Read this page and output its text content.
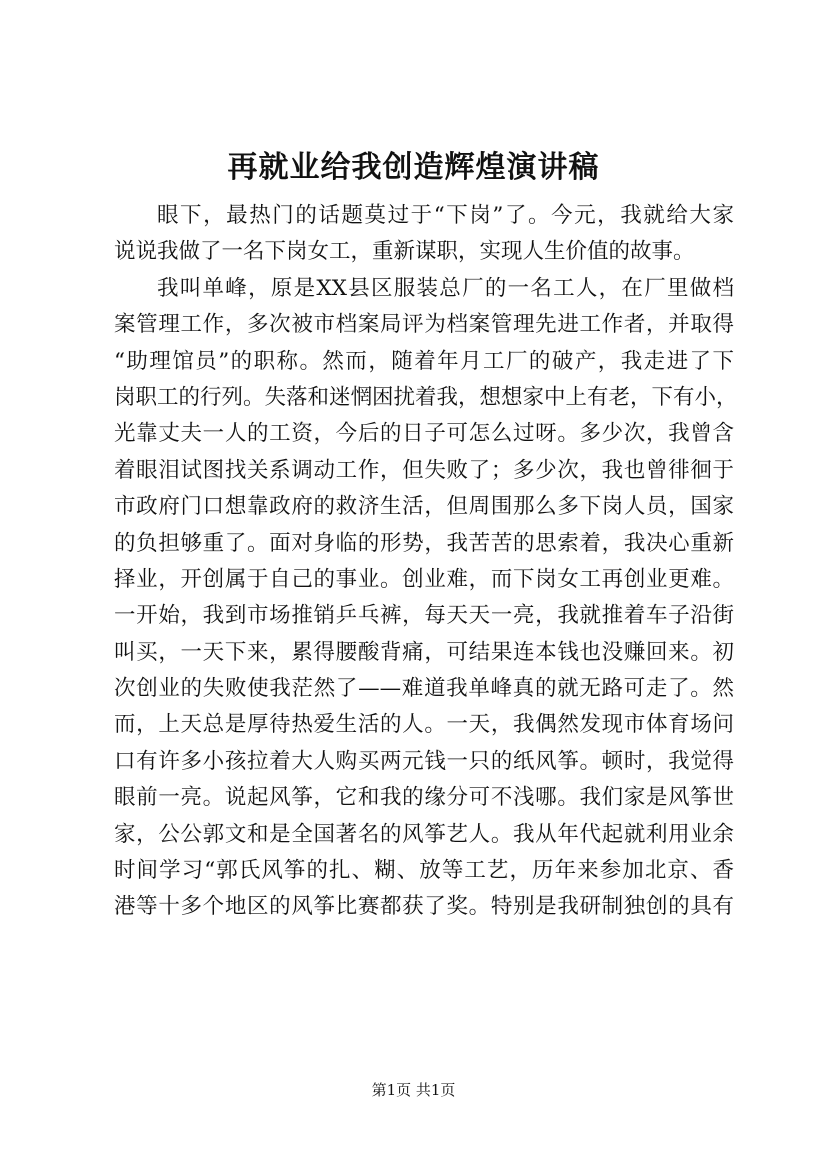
再就业给我创造辉煌演讲稿
眼下，最热门的话题莫过于“下岗”了。今元，我就给大家
说说我做了一名下岗女工，重新谋职，实现人生价值的故事。
我叫单峰，原是XX县区服装总厂的一名工人，在厂里做档
案管理工作，多次被市档案局评为档案管理先进工作者，并取得
“助理馆员”的职称。然而，随着年月工厂的破产，我走进了下
岗职工的行列。失落和迷惘困扰着我，想想家中上有老，下有小，
光靠丈夫一人的工资，今后的日子可怎么过呀。多少次，我曾含
着眼泪试图找关系调动工作，但失败了；多少次，我也曾徘徊于
市政府门口想靠政府的救济生活，但周围那么多下岗人员，国家
的负担够重了。面对身临的形势，我苦苦的思索着，我决心重新
择业，开创属于自己的事业。创业难，而下岗女工再创业更难。
一开始，我到市场推销乒乓裤，每天天一亮，我就推着车子沿街
叫买，一天下来，累得腰酸背痛，可结果连本钱也没赚回来。初
次创业的失败使我茫然了——难道我单峰真的就无路可走了。然
而，上天总是厚待热爱生活的人。一天，我偶然发现市体育场问
口有许多小孩拉着大人购买两元钱一只的纸风筝。顿时，我觉得
眼前一亮。说起风筝，它和我的缘分可不浅哪。我们家是风筝世
家，公公郭文和是全国著名的风筝艺人。我从年代起就利用业余
时间学习“郭氏风筝的扎、糊、放等工艺，历年来参加北京、香
港等十多个地区的风筝比赛都获了奖。特别是我研制独创的具有
第1页 共1页
